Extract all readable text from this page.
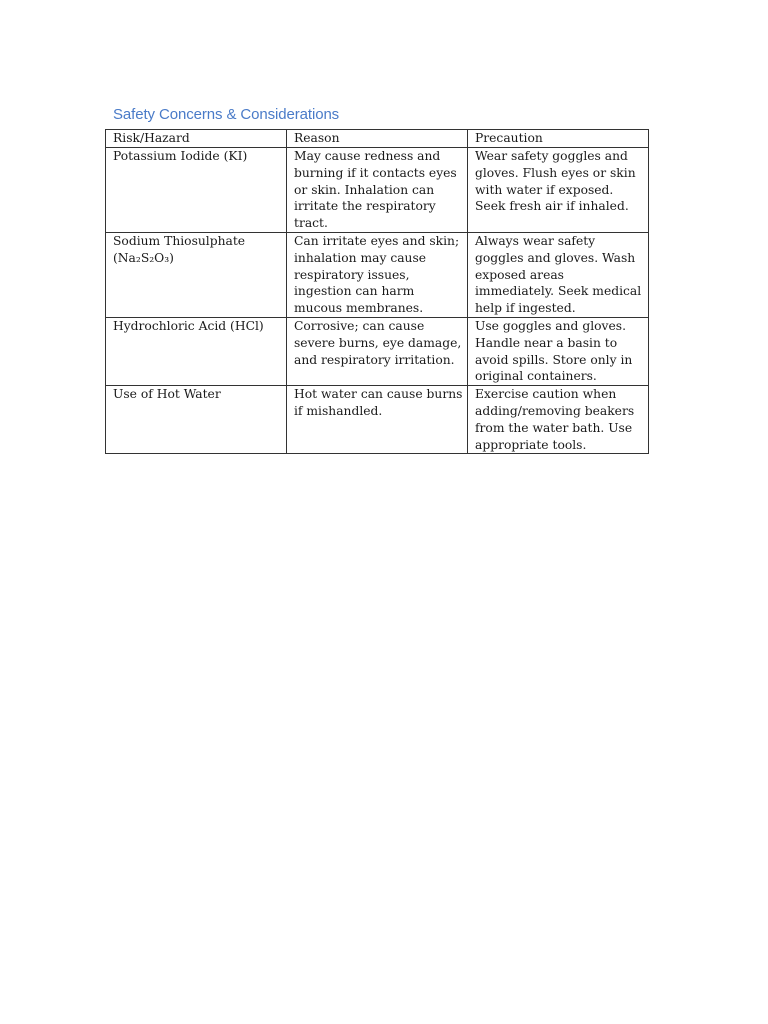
Safety Concerns & Considerations
Risk/Hazard	Reason	Precaution
Potassium Iodide (KI)	May cause redness and burning if it contacts eyes or skin. Inhalation can irritate the respiratory tract.	Wear safety goggles and gloves. Flush eyes or skin with water if exposed. Seek fresh air if inhaled.
Sodium Thiosulphate (Na₂S₂O₃)	Can irritate eyes and skin; inhalation may cause respiratory issues, ingestion can harm mucous membranes.	Always wear safety goggles and gloves. Wash exposed areas immediately. Seek medical help if ingested.
Hydrochloric Acid (HCl)	Corrosive; can cause severe burns, eye damage, and respiratory irritation.	Use goggles and gloves. Handle near a basin to avoid spills. Store only in original containers.
Use of Hot Water	Hot water can cause burns if mishandled.	Exercise caution when adding/removing beakers from the water bath. Use appropriate tools.
